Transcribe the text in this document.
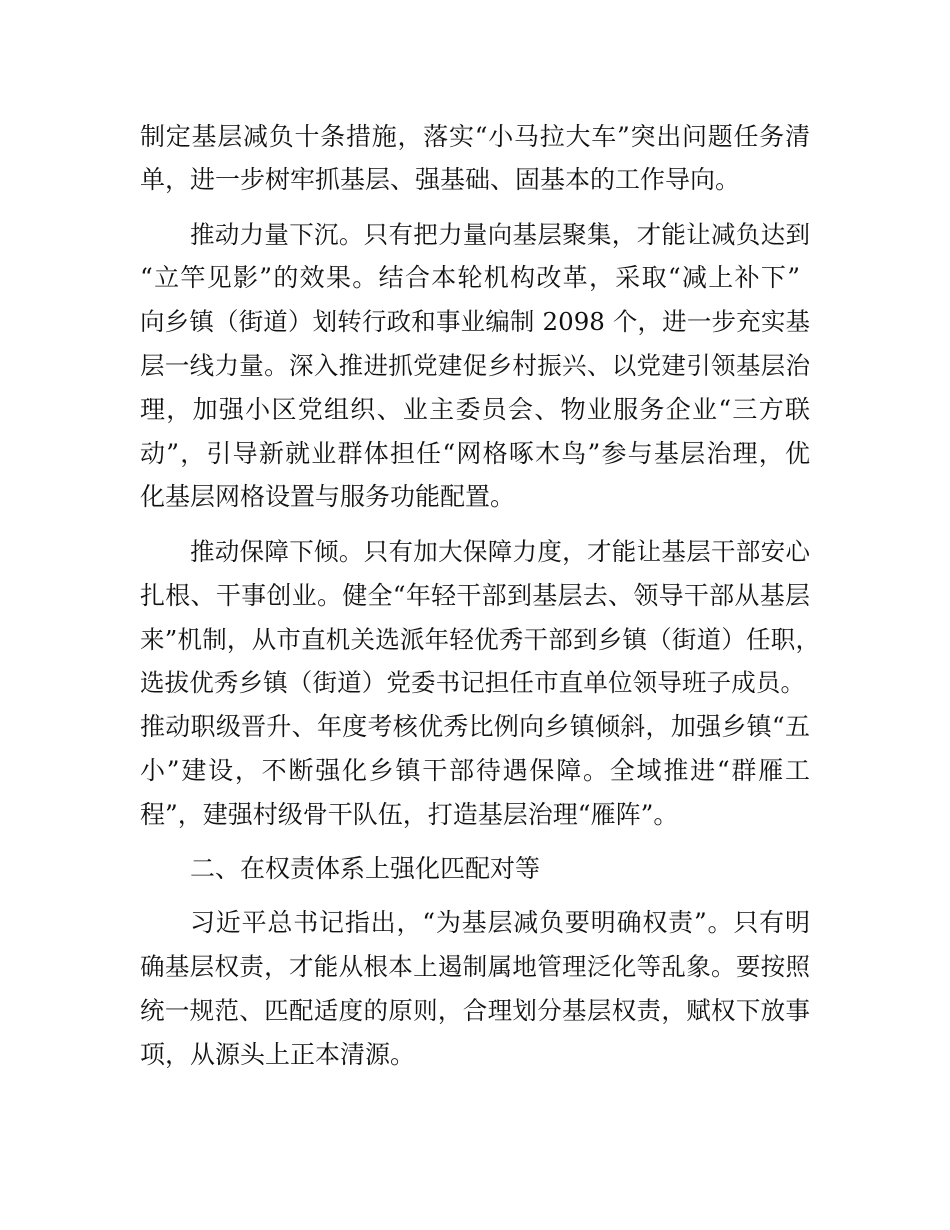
制定基层减负十条措施，落实“小马拉大车”突出问题任务清
单，进一步树牢抓基层、强基础、固基本的工作导向。
推动力量下沉。只有把力量向基层聚集，才能让减负达到
“立竿见影”的效果。结合本轮机构改革，采取“减上补下”
向乡镇（街道）划转行政和事业编制 2098 个，进一步充实基
层一线力量。深入推进抓党建促乡村振兴、以党建引领基层治
理，加强小区党组织、业主委员会、物业服务企业“三方联
动”，引导新就业群体担任“网格啄木鸟”参与基层治理，优
化基层网格设置与服务功能配置。
推动保障下倾。只有加大保障力度，才能让基层干部安心
扎根、干事创业。健全“年轻干部到基层去、领导干部从基层
来”机制，从市直机关选派年轻优秀干部到乡镇（街道）任职，
选拔优秀乡镇（街道）党委书记担任市直单位领导班子成员。
推动职级晋升、年度考核优秀比例向乡镇倾斜，加强乡镇“五
小”建设，不断强化乡镇干部待遇保障。全域推进“群雁工
程”，建强村级骨干队伍，打造基层治理“雁阵”。
二、在权责体系上强化匹配对等
习近平总书记指出，“为基层减负要明确权责”。只有明
确基层权责，才能从根本上遏制属地管理泛化等乱象。要按照
统一规范、匹配适度的原则，合理划分基层权责，赋权下放事
项，从源头上正本清源。
